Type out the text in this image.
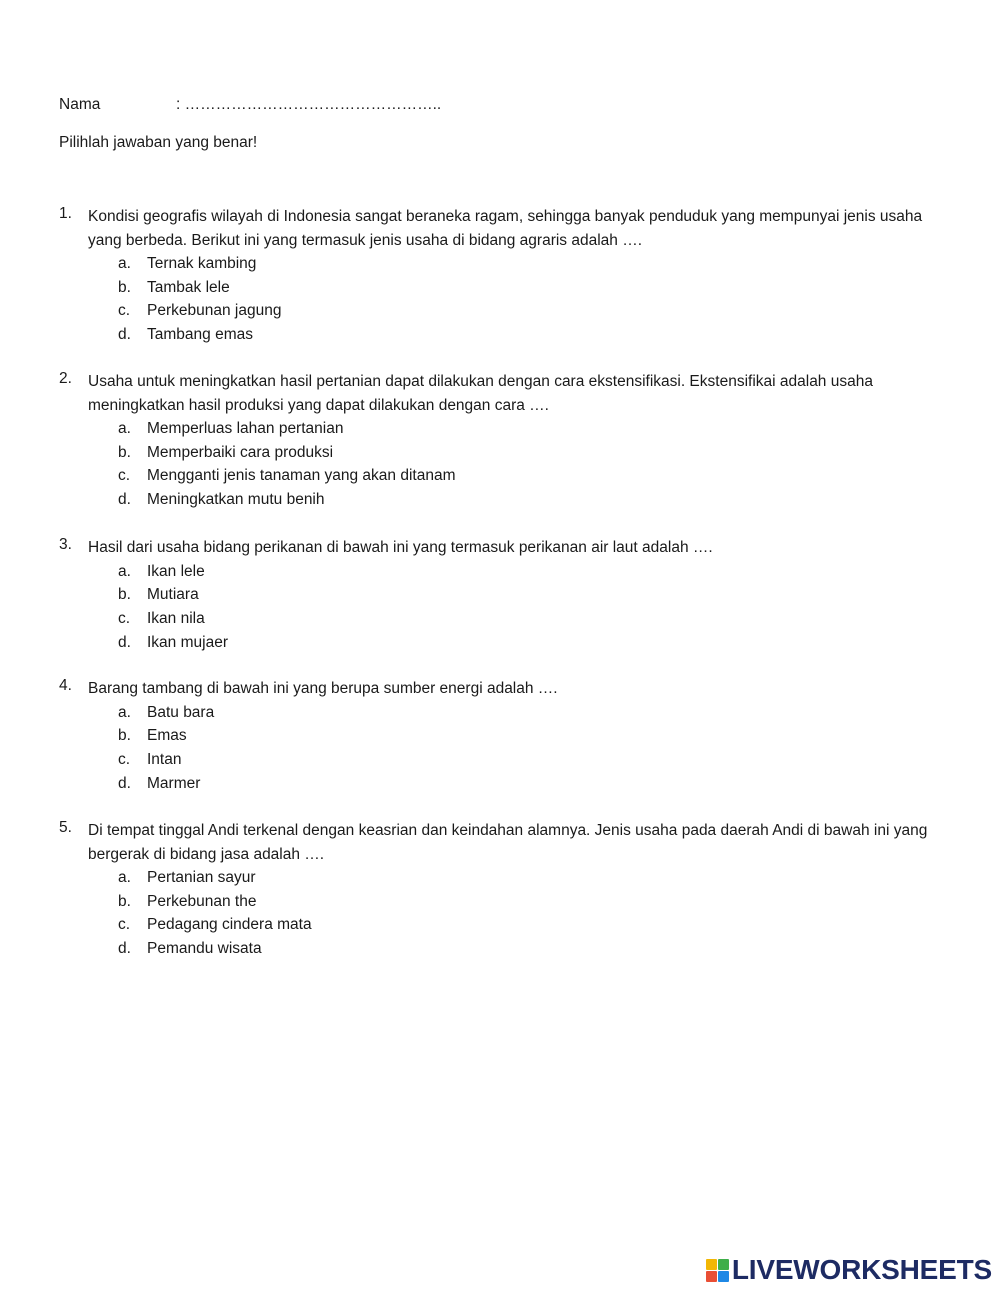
Nama	: …………………………………………..
Pilihlah jawaban yang benar!
1. Kondisi geografis wilayah di Indonesia sangat beraneka ragam, sehingga banyak penduduk yang mempunyai jenis usaha yang berbeda. Berikut ini yang termasuk jenis usaha di bidang agraris adalah ….
a. Ternak kambing
b. Tambak lele
c. Perkebunan jagung
d. Tambang emas
2. Usaha untuk meningkatkan hasil pertanian dapat dilakukan dengan cara ekstensifikasi. Ekstensifikai adalah usaha meningkatkan hasil produksi yang dapat dilakukan dengan cara ….
a. Memperluas lahan pertanian
b. Memperbaiki cara produksi
c. Mengganti jenis tanaman yang akan ditanam
d. Meningkatkan mutu benih
3. Hasil dari usaha bidang perikanan di bawah ini yang termasuk perikanan air laut adalah ….
a. Ikan lele
b. Mutiara
c. Ikan nila
d. Ikan mujaer
4. Barang tambang di bawah ini yang berupa sumber energi adalah ….
a. Batu bara
b. Emas
c. Intan
d. Marmer
5. Di tempat tinggal Andi terkenal dengan keasrian dan keindahan alamnya. Jenis usaha pada daerah Andi di bawah ini yang bergerak di bidang jasa adalah ….
a. Pertanian sayur
b. Perkebunan the
c. Pedagang cindera mata
d. Pemandu wisata
LIVEWORKSHEETS
